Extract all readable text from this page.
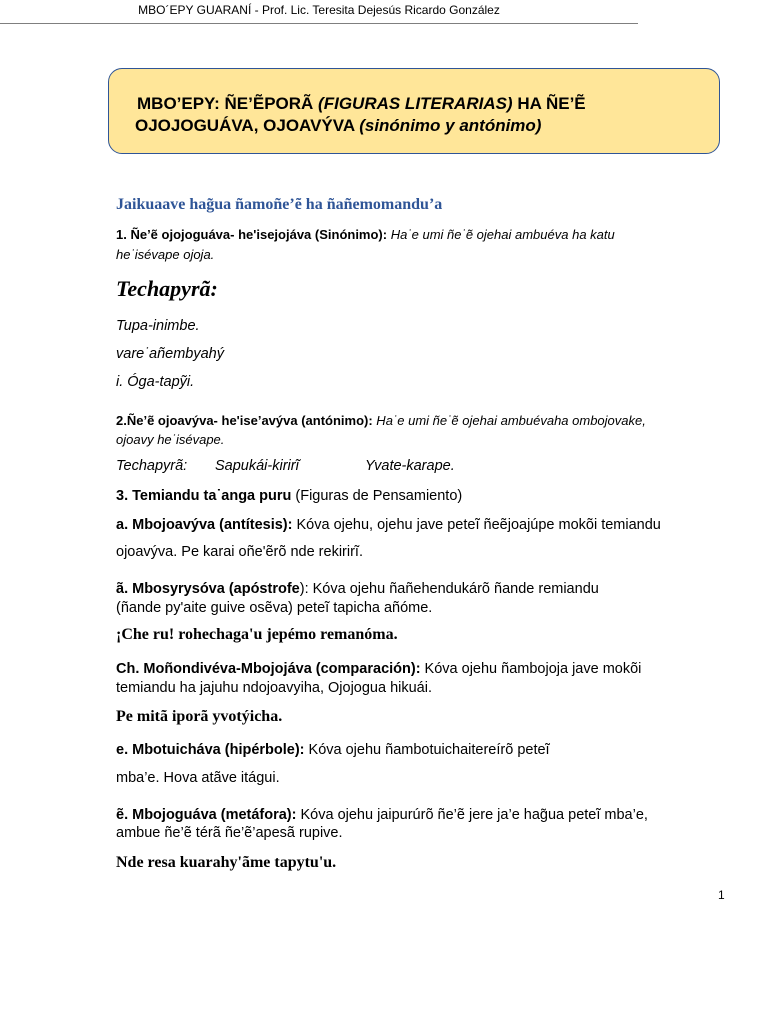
MBO´EPY GUARANÍ - Prof. Lic. Teresita Dejesús Ricardo González
MBO’EPY: ÑE’ẼPORÃ (FIGURAS LITERARIAS) HA ÑE’Ẽ
OJOJOGUÁVA, OJOAVÝVA (sinónimo y antónimo)
Jaikuaave hag̃ua ñamoñe’ẽ ha ñañemomandu’a
1. Ñe’ẽ ojojoguáva- he'isejojáva (Sinónimo): Ha˙e umi ñe˙ẽ ojehai ambuéva ha katu
he˙isévape ojoja.
Techapyrã:
Tupa-inimbe.
vare˙añembyahý
i. Óga-tapỹi.
2.Ñe’ẽ ojoavýva- he'ise’avýva (antónimo): Ha˙e umi ñe˙ẽ ojehai ambuévaha ombojovake,
ojoavy he˙isévape.
Techapyrã: Sapukái-kirirĩ	Yvate-karape.
3. Temiandu ta˙anga puru (Figuras de Pensamiento)
a. Mbojoavýva (antítesis): Kóva ojehu, ojehu jave peteĩ ñeẽjoajúpe mokõi temiandu
ojoavýva. Pe karai oñe'ẽrõ nde rekirirĩ.
ã. Mbosyrysóva (apóstrofe): Kóva ojehu ñañehendukárõ ñande remiandu
(ñande py'aite guive osẽva) peteĩ tapicha añóme.
¡Che ru! rohechaga'u jepémo remanóma.
Ch. Moñondivéva-Mbojojáva (comparación): Kóva ojehu ñambojoja jave mokõi
temiandu ha jajuhu ndojoavyiha, Ojojogua hikuái.
Pe mitã iporã yvotýicha.
e. Mbotuicháva (hipérbole): Kóva ojehu ñambotuichaitereírõ peteĩ
mba’e. Hova atãve itágui.
ẽ. Mbojoguáva (metáfora): Kóva ojehu jaipurúrõ ñe’ẽ jere ja’e hag̃ua peteĩ mba’e,
ambue ñe’ẽ térã ñe’ẽ’apesã rupive.
Nde resa kuarahy'ãme tapytu'u.
1
